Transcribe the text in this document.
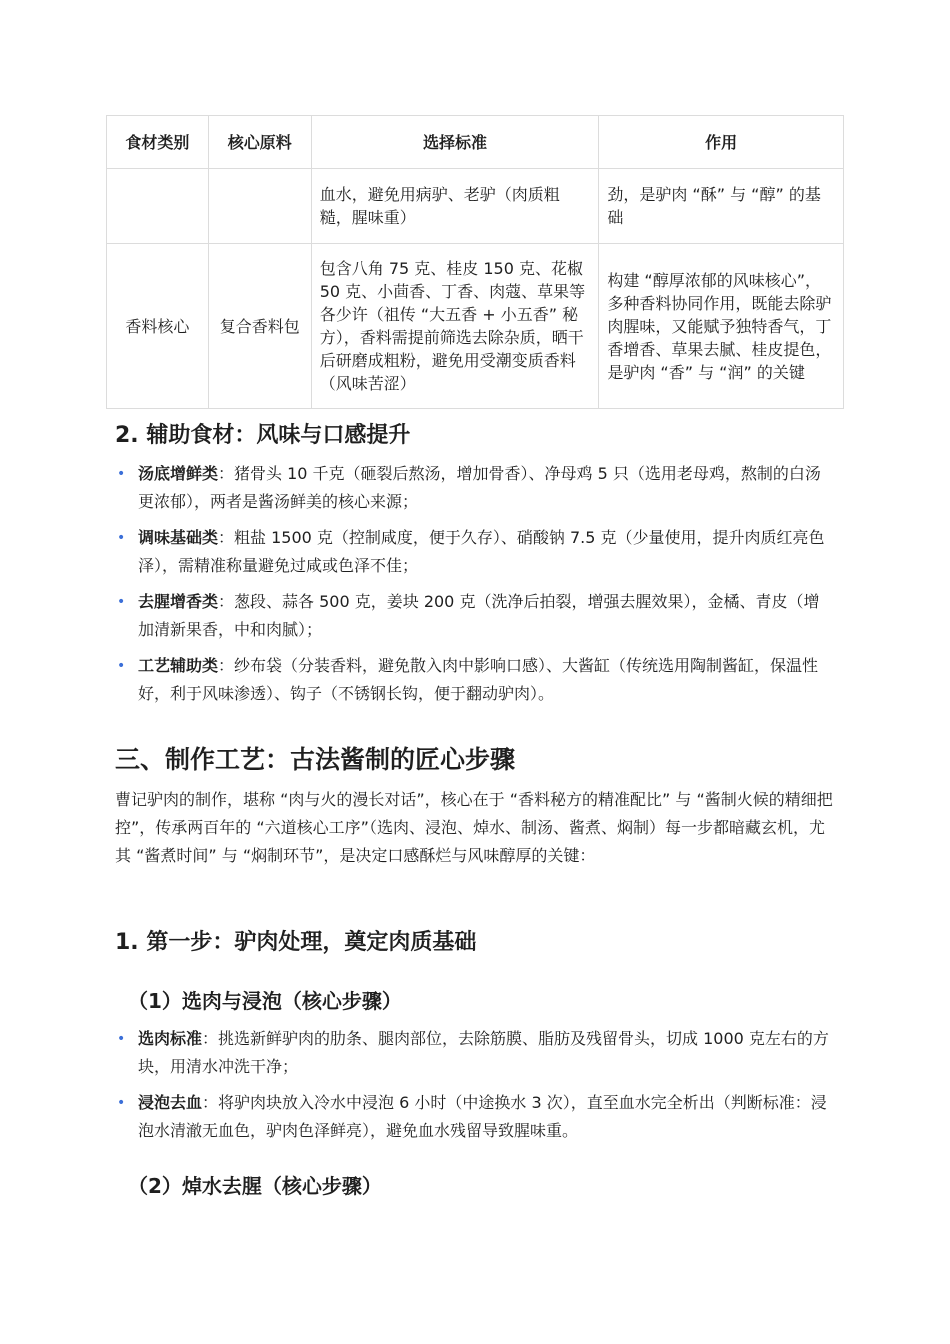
食材类别	核心原料	选择标准	作用
		血水，避免用病驴、老驴（肉质粗糙，腥味重）	劲，是驴肉 “酥” 与 “醇” 的基础
香料核心	复合香料包	包含八角 75 克、桂皮 150 克、花椒 50 克、小茴香、丁香、肉蔻、草果等各少许（祖传 “大五香 + 小五香” 秘方），香料需提前筛选去除杂质，晒干后研磨成粗粉，避免用受潮变质香料（风味苦涩）	构建 “醇厚浓郁的风味核心”，多种香料协同作用，既能去除驴肉腥味，又能赋予独特香气，丁香增香、草果去腻、桂皮提色，是驴肉 “香” 与 “润” 的关键
2. 辅助食材：风味与口感提升
• 汤底增鲜类：猪骨头 10 千克（砸裂后熬汤，增加骨香）、净母鸡 5 只（选用老母鸡，熬制的白汤更浓郁），两者是酱汤鲜美的核心来源；
• 调味基础类：粗盐 1500 克（控制咸度，便于久存）、硝酸钠 7.5 克（少量使用，提升肉质红亮色泽），需精准称量避免过咸或色泽不佳；
• 去腥增香类：葱段、蒜各 500 克，姜块 200 克（洗净后拍裂，增强去腥效果），金橘、青皮（增加清新果香，中和肉腻）；
• 工艺辅助类：纱布袋（分装香料，避免散入肉中影响口感）、大酱缸（传统选用陶制酱缸，保温性好，利于风味渗透）、钩子（不锈钢长钩，便于翻动驴肉）。
三、制作工艺：古法酱制的匠心步骤

曹记驴肉的制作，堪称 “肉与火的漫长对话”，核心在于 “香料秘方的精准配比” 与 “酱制火候的精细把控”，传承两百年的 “六道核心工序”（选肉、浸泡、焯水、制汤、酱煮、焖制）每一步都暗藏玄机，尤其 “酱煮时间” 与 “焖制环节”，是决定口感酥烂与风味醇厚的关键：

1. 第一步：驴肉处理，奠定肉质基础
（1）选肉与浸泡（核心步骤）
• 选肉标准：挑选新鲜驴肉的肋条、腿肉部位，去除筋膜、脂肪及残留骨头，切成 1000 克左右的方块，用清水冲洗干净；
• 浸泡去血：将驴肉块放入冷水中浸泡 6 小时（中途换水 3 次），直至血水完全析出（判断标准：浸泡水清澈无血色，驴肉色泽鲜亮），避免血水残留导致腥味重。
（2）焯水去腥（核心步骤）
